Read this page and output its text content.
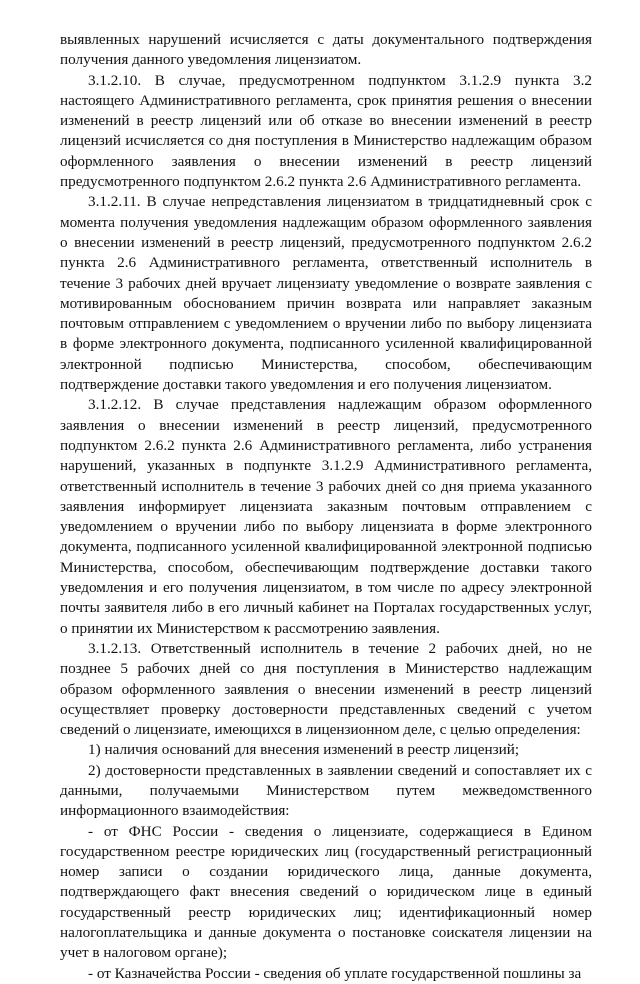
выявленных нарушений исчисляется с даты документального подтверждения получения данного уведомления лицензиатом.

3.1.2.10. В случае, предусмотренном подпунктом 3.1.2.9 пункта 3.2 настоящего Административного регламента, срок принятия решения о внесении изменений в реестр лицензий или об отказе во внесении изменений в реестр лицензий исчисляется со дня поступления в Министерство надлежащим образом оформленного заявления о внесении изменений в реестр лицензий предусмотренного подпунктом 2.6.2 пункта 2.6 Административного регламента.

3.1.2.11. В случае непредставления лицензиатом в тридцатидневный срок с момента получения уведомления надлежащим образом оформленного заявления о внесении изменений в реестр лицензий, предусмотренного подпунктом 2.6.2 пункта 2.6 Административного регламента, ответственный исполнитель в течение 3 рабочих дней вручает лицензиату уведомление о возврате заявления с мотивированным обоснованием причин возврата или направляет заказным почтовым отправлением с уведомлением о вручении либо по выбору лицензиата в форме электронного документа, подписанного усиленной квалифицированной электронной подписью Министерства, способом, обеспечивающим подтверждение доставки такого уведомления и его получения лицензиатом.

3.1.2.12. В случае представления надлежащим образом оформленного заявления о внесении изменений в реестр лицензий, предусмотренного подпунктом 2.6.2 пункта 2.6 Административного регламента, либо устранения нарушений, указанных в подпункте 3.1.2.9 Административного регламента, ответственный исполнитель в течение 3 рабочих дней со дня приема указанного заявления информирует лицензиата заказным почтовым отправлением с уведомлением о вручении либо по выбору лицензиата в форме электронного документа, подписанного усиленной квалифицированной электронной подписью Министерства, способом, обеспечивающим подтверждение доставки такого уведомления и его получения лицензиатом, в том числе по адресу электронной почты заявителя либо в его личный кабинет на Порталах государственных услуг, о принятии их Министерством к рассмотрению заявления.

3.1.2.13. Ответственный исполнитель в течение 2 рабочих дней, но не позднее 5 рабочих дней со дня поступления в Министерство надлежащим образом оформленного заявления о внесении изменений в реестр лицензий осуществляет проверку достоверности представленных сведений с учетом сведений о лицензиате, имеющихся в лицензионном деле, с целью определения:

1) наличия оснований для внесения изменений в реестр лицензий;

2) достоверности представленных в заявлении сведений и сопоставляет их с данными, получаемыми Министерством путем межведомственного информационного взаимодействия:

- от ФНС России - сведения о лицензиате, содержащиеся в Едином государственном реестре юридических лиц (государственный регистрационный номер записи о создании юридического лица, данные документа, подтверждающего факт внесения сведений о юридическом лице в единый государственный реестр юридических лиц; идентификационный номер налогоплательщика и данные документа о постановке соискателя лицензии на учет в налоговом органе);

- от Казначейства России - сведения об уплате государственной пошлины за
